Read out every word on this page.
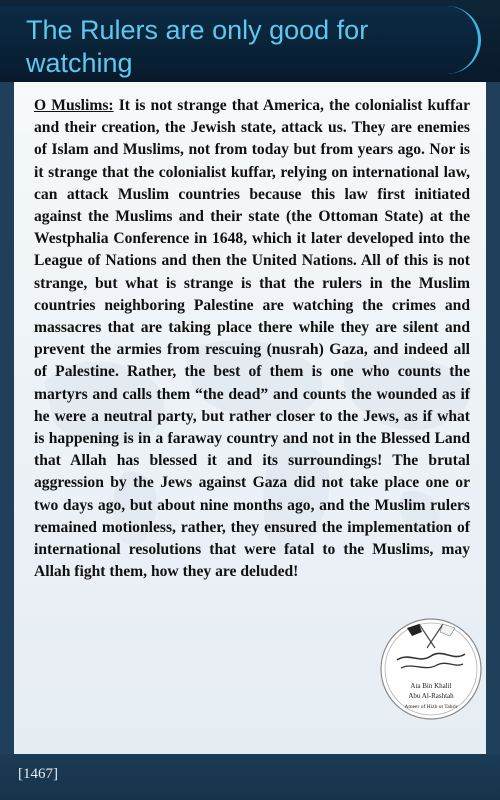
The Rulers are only good for watching

O Muslims: It is not strange that America, the colonialist kuffar and their creation, the Jewish state, attack us. They are enemies of Islam and Muslims, not from today but from years ago. Nor is it strange that the colonialist kuffar, relying on international law, can attack Muslim countries because this law first initiated against the Muslims and their state (the Ottoman State) at the Westphalia Conference in 1648, which it later developed into the League of Nations and then the United Nations. All of this is not strange, but what is strange is that the rulers in the Muslim countries neighboring Palestine are watching the crimes and massacres that are taking place there while they are silent and prevent the armies from rescuing (nusrah) Gaza, and indeed all of Palestine. Rather, the best of them is one who counts the martyrs and calls them “the dead” and counts the wounded as if he were a neutral party, but rather closer to the Jews, as if what is happening is in a faraway country and not in the Blessed Land that Allah has blessed it and its surroundings! The brutal aggression by the Jews against Gaza did not take place one or two days ago, but about nine months ago, and the Muslim rulers remained motionless, rather, they ensured the implementation of international resolutions that were fatal to the Muslims, may Allah fight them, how they are deluded!

Ata Bin Khalil
Abu Al-Rashtah
Ameer of Hizb ut Tahrir
[1467]
